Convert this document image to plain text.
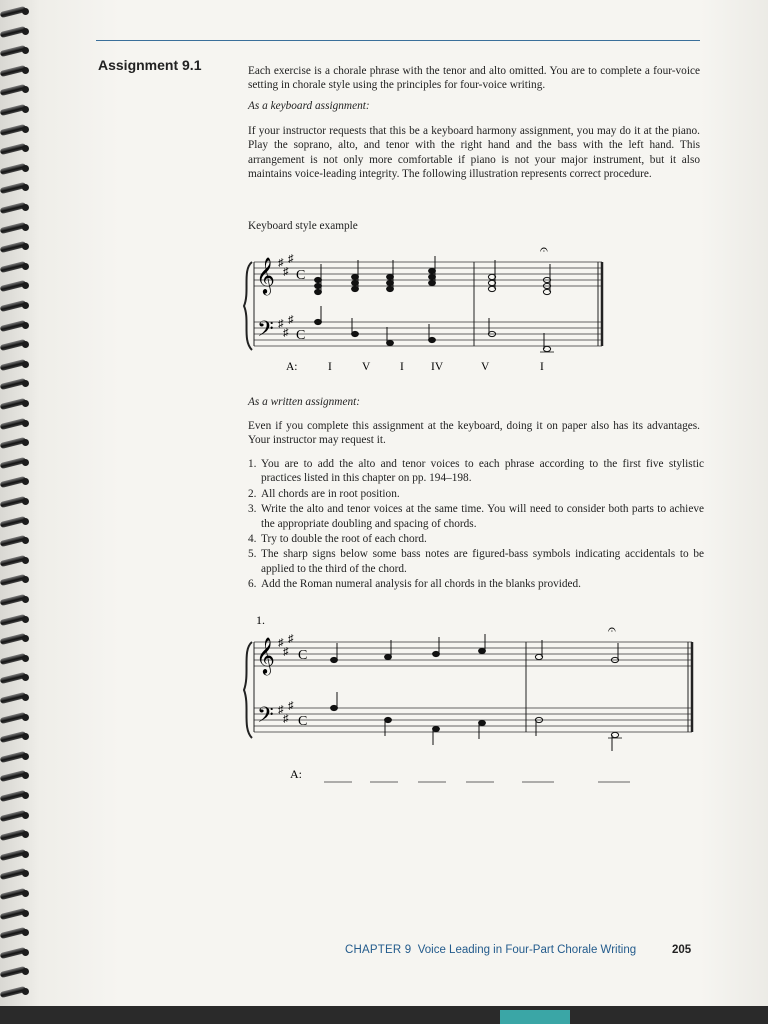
Assignment 9.1	Each exercise is a chorale phrase with the tenor and alto omitted. You are to complete a four-voice setting in chorale style using the principles for four-voice writing.
As a keyboard assignment:
If your instructor requests that this be a keyboard harmony assignment, you may do it at the piano. Play the soprano, alto, and tenor with the right hand and the bass with the left hand. This arrangement is not only more comfortable if piano is not your major instrument, but it also maintains voice-leading integrity. The following illustration represents correct procedure.
Keyboard style example
𝄞
𝄢
♯
♯
♯
♯
♯
♯
C
C
𝄐
A:	I	V	I IV	V	I
As a written assignment:
Even if you complete this assignment at the keyboard, doing it on paper also has its advantages. Your instructor may request it.
1. You are to add the alto and tenor voices to each phrase according to the first five stylistic practices listed in this chapter on pp. 194–198.
2. All chords are in root position.
3. Write the alto and tenor voices at the same time. You will need to consider both parts to achieve the appropriate doubling and spacing of chords.
4. Try to double the root of each chord.
5. The sharp signs below some bass notes are figured-bass symbols indicating accidentals to be applied to the third of the chord.
6. Add the Roman numeral analysis for all chords in the blanks provided.
1.
𝄞
𝄢
♯
♯
♯
♯
♯
♯
C
C
𝄐
A:
CHAPTER 9 Voice Leading in Four-Part Chorale Writing	205
